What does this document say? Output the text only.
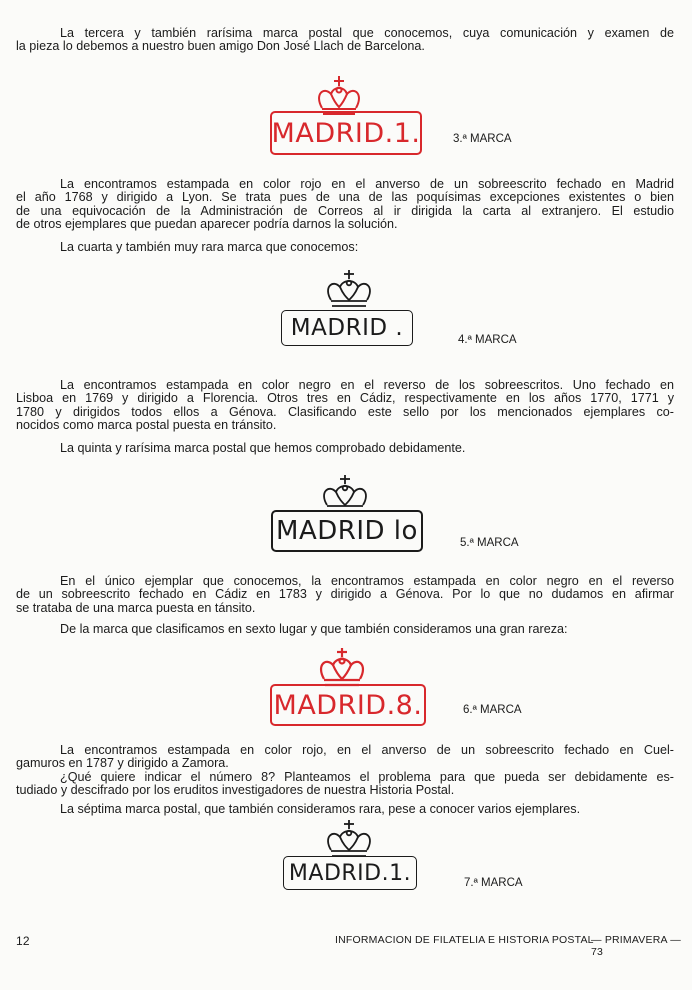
La tercera y también rarísima marca postal que conocemos, cuya comunicación y examen de
la pieza lo debemos a nuestro buen amigo Don José Llach de Barcelona.
MADRID.1.	3.ª MARCA
La encontramos estampada en color rojo en el anverso de un sobreescrito fechado en Madrid
el año 1768 y dirigido a Lyon. Se trata pues de una de las poquísimas excepciones existentes o bien
de una equivocación de la Administración de Correos al ir dirigida la carta al extranjero. El estudio
de otros ejemplares que puedan aparecer podría darnos la solución.
La cuarta y también muy rara marca que conocemos:
MADRID .	4.ª MARCA
La encontramos estampada en color negro en el reverso de los sobreescritos. Uno fechado en
Lisboa en 1769 y dirigido a Florencia. Otros tres en Cádiz, respectivamente en los años 1770, 1771 y
1780 y dirigidos todos ellos a Génova. Clasificando este sello por los mencionados ejemplares co-
nocidos como marca postal puesta en tránsito.
La quinta y rarísima marca postal que hemos comprobado debidamente.
MADRID lo	5.ª MARCA
En el único ejemplar que conocemos, la encontramos estampada en color negro en el reverso
de un sobreescrito fechado en Cádiz en 1783 y dirigido a Génova. Por lo que no dudamos en afirmar
se trataba de una marca puesta en tánsito.
De la marca que clasificamos en sexto lugar y que también consideramos una gran rareza:
MADRID.8.	6.ª MARCA
La encontramos estampada en color rojo, en el anverso de un sobreescrito fechado en Cuel-
gamuros en 1787 y dirigido a Zamora.
¿Qué quiere indicar el número 8? Planteamos el problema para que pueda ser debidamente es-
tudiado y descifrado por los eruditos investigadores de nuestra Historia Postal.
La séptima marca postal, que también consideramos rara, pese a conocer varios ejemplares.
MADRID.1.	7.ª MARCA
12	INFORMACION DE FILATELIA E HISTORIA POSTAL
— PRIMAVERA — 73
